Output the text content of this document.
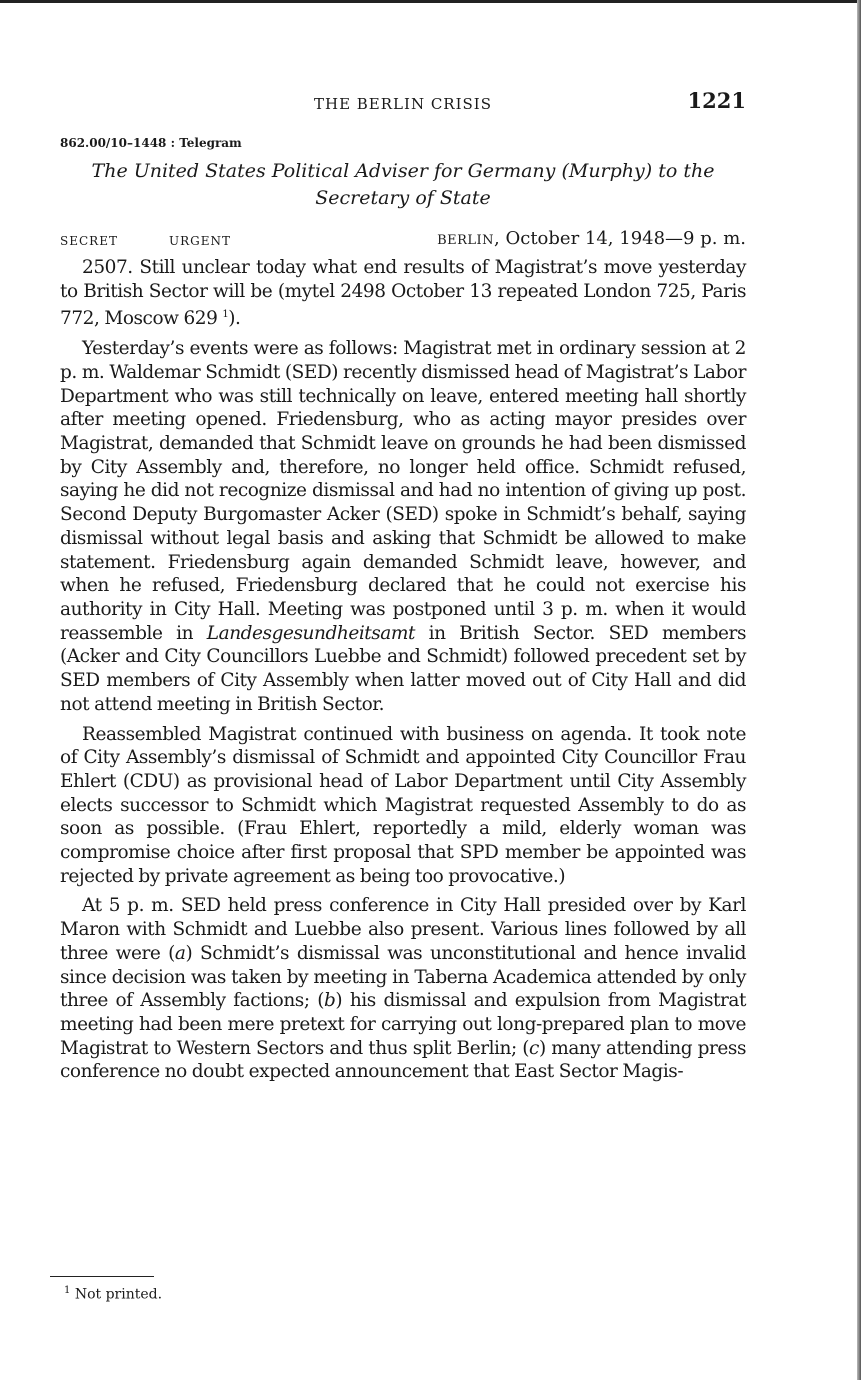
THE BERLIN CRISIS	1221
862.00/10–1448 : Telegram
The United States Political Adviser for Germany (Murphy) to the
Secretary of State
SECRET	URGENT	BERLIN, October 14, 1948—9 p. m.

2507. Still unclear today what end results of Magistrat’s move yesterday to British Sector will be (mytel 2498 October 13 repeated London 725, Paris 772, Moscow 629 $^1$).

Yesterday’s events were as follows: Magistrat met in ordinary session at 2 p. m. Waldemar Schmidt (SED) recently dismissed head of Magistrat’s Labor Department who was still technically on leave, entered meeting hall shortly after meeting opened. Friedensburg, who as acting mayor presides over Magistrat, demanded that Schmidt leave on grounds he had been dismissed by City Assembly and, therefore, no longer held office. Schmidt refused, saying he did not recognize dismissal and had no intention of giving up post. Second Deputy Burgomaster Acker (SED) spoke in Schmidt’s behalf, saying dismissal without legal basis and asking that Schmidt be allowed to make statement. Friedensburg again demanded Schmidt leave, however, and when he refused, Friedensburg declared that he could not exercise his authority in City Hall. Meeting was postponed until 3 p. m. when it would reassemble in Landesgesundheitsamt in British Sector. SED members (Acker and City Councillors Luebbe and Schmidt) followed precedent set by SED members of City Assembly when latter moved out of City Hall and did not attend meeting in British Sector.

Reassembled Magistrat continued with business on agenda. It took note of City Assembly’s dismissal of Schmidt and appointed City Councillor Frau Ehlert (CDU) as provisional head of Labor Department until City Assembly elects successor to Schmidt which Magistrat requested Assembly to do as soon as possible. (Frau Ehlert, reportedly a mild, elderly woman was compromise choice after first proposal that SPD member be appointed was rejected by private agreement as being too provocative.)

At 5 p. m. SED held press conference in City Hall presided over by Karl Maron with Schmidt and Luebbe also present. Various lines followed by all three were (a) Schmidt’s dismissal was unconstitutional and hence invalid since decision was taken by meeting in Taberna Academica attended by only three of Assembly factions; (b) his dismissal and expulsion from Magistrat meeting had been mere pretext for carrying out long-prepared plan to move Magistrat to Western Sectors and thus split Berlin; (c) many attending press conference no doubt expected announcement that East Sector Magis-

$^1$ Not printed.
